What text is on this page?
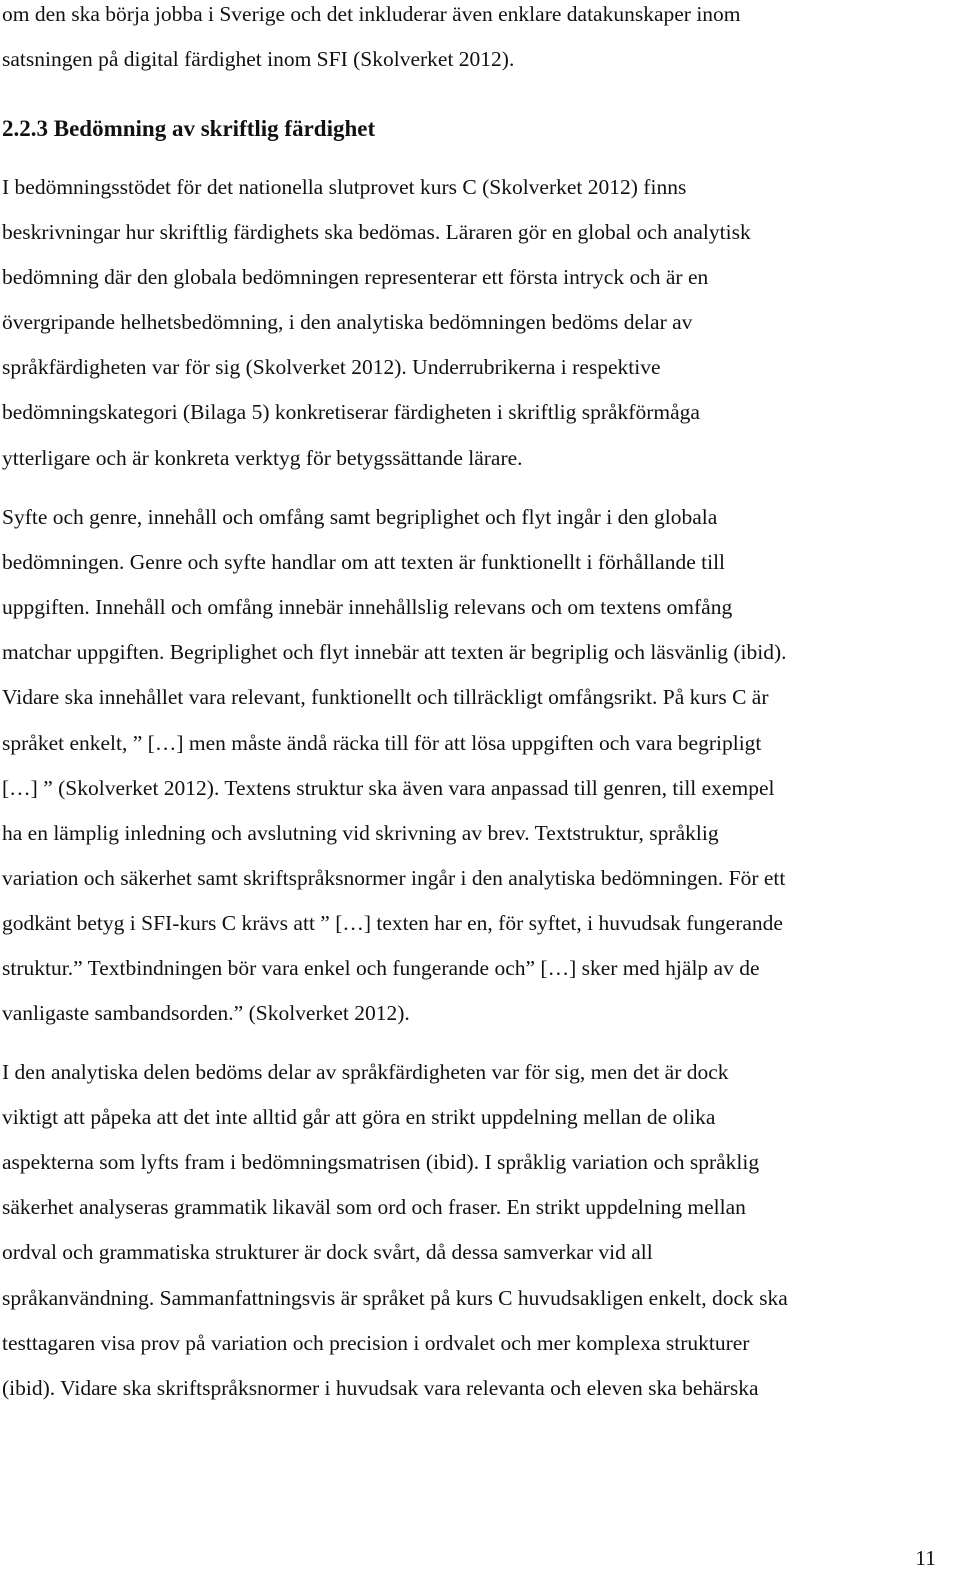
om den ska börja jobba i Sverige och det inkluderar även enklare datakunskaper inom
satsningen på digital färdighet inom SFI (Skolverket 2012).
2.2.3 Bedömning av skriftlig färdighet
I bedömningsstödet för det nationella slutprovet kurs C (Skolverket 2012) finns
beskrivningar hur skriftlig färdighets ska bedömas. Läraren gör en global och analytisk
bedömning där den globala bedömningen representerar ett första intryck och är en
övergripande helhetsbedömning, i den analytiska bedömningen bedöms delar av
språkfärdigheten var för sig (Skolverket 2012). Underrubrikerna i respektive
bedömningskategori (Bilaga 5) konkretiserar färdigheten i skriftlig språkförmåga
ytterligare och är konkreta verktyg för betygssättande lärare.
Syfte och genre, innehåll och omfång samt begriplighet och flyt ingår i den globala
bedömningen. Genre och syfte handlar om att texten är funktionellt i förhållande till
uppgiften. Innehåll och omfång innebär innehållslig relevans och om textens omfång
matchar uppgiften. Begriplighet och flyt innebär att texten är begriplig och läsvänlig (ibid).
Vidare ska innehållet vara relevant, funktionellt och tillräckligt omfångsrikt. På kurs C är
språket enkelt, ” […] men måste ändå räcka till för att lösa uppgiften och vara begripligt
[…] ” (Skolverket 2012). Textens struktur ska även vara anpassad till genren, till exempel
ha en lämplig inledning och avslutning vid skrivning av brev. Textstruktur, språklig
variation och säkerhet samt skriftspråksnormer ingår i den analytiska bedömningen. För ett
godkänt betyg i SFI-kurs C krävs att ” […] texten har en, för syftet, i huvudsak fungerande
struktur.” Textbindningen bör vara enkel och fungerande och” […] sker med hjälp av de
vanligaste sambandsorden.” (Skolverket 2012).
I den analytiska delen bedöms delar av språkfärdigheten var för sig, men det är dock
viktigt att påpeka att det inte alltid går att göra en strikt uppdelning mellan de olika
aspekterna som lyfts fram i bedömningsmatrisen (ibid). I språklig variation och språklig
säkerhet analyseras grammatik likaväl som ord och fraser. En strikt uppdelning mellan
ordval och grammatiska strukturer är dock svårt, då dessa samverkar vid all
språkanvändning. Sammanfattningsvis är språket på kurs C huvudsakligen enkelt, dock ska
testtagaren visa prov på variation och precision i ordvalet och mer komplexa strukturer
(ibid). Vidare ska skriftspråksnormer i huvudsak vara relevanta och eleven ska behärska
11
